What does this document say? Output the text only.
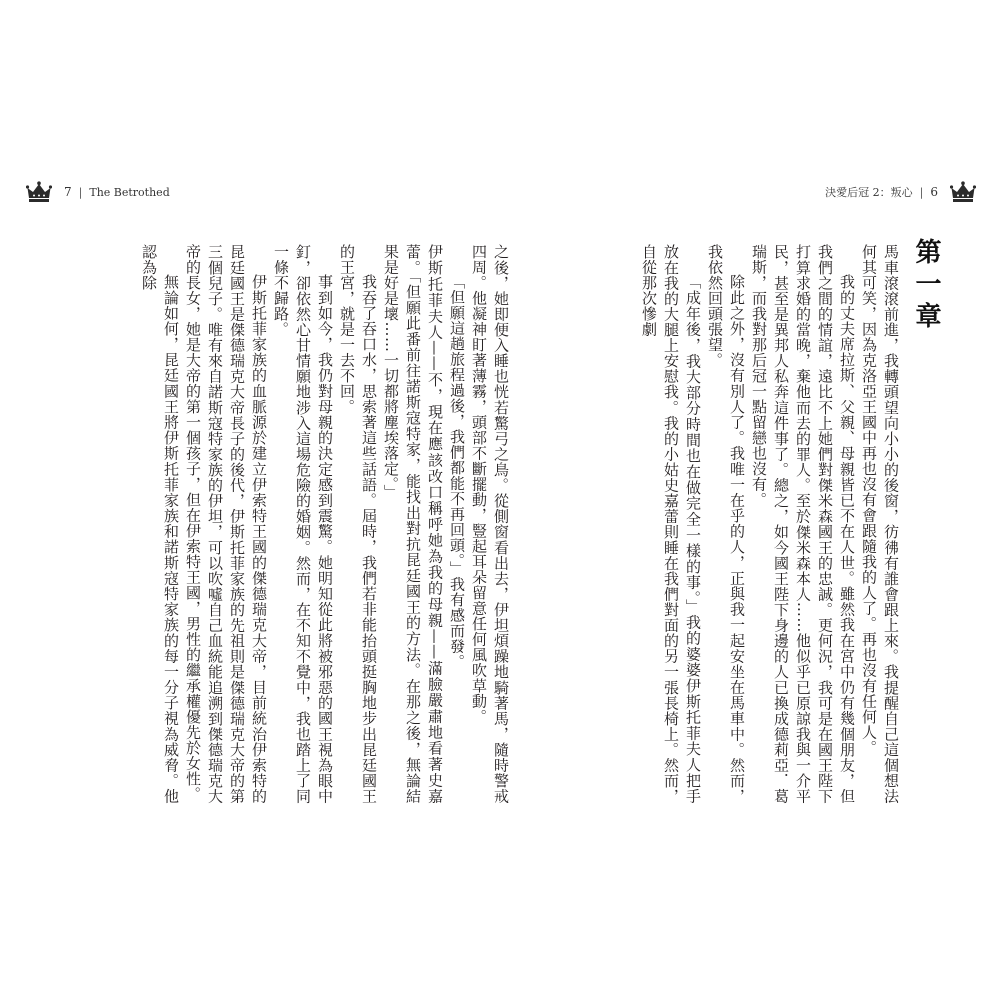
7 | The Betrothed	決愛后冠 2：叛心 | 6
第一章

馬車滾滾前進，我轉頭望向小小的後窗，彷彿有誰會跟上來。我提醒自己這個想法何其可笑，因為克洛亞王國中再也沒有會跟隨我的人了。再也沒有任何人。

我的丈夫席拉斯、父親、母親皆已不在人世。雖然我在宮中仍有幾個朋友，但我們之間的情誼，遠比不上她們對傑米森國王的忠誠。更何況，我可是在國王陛下打算求婚的當晚，棄他而去的罪人。至於傑米森本人……他似乎已原諒我與一介平民，甚至是異邦人私奔這件事了。總之，如今國王陛下身邊的人已換成德莉亞．葛瑞斯，而我對那后冠一點留戀也沒有。

除此之外，沒有別人了。我唯一在乎的人，正與我一起安坐在馬車中。然而，我依然回頭張望。

「成年後，我大部分時間也在做完全一樣的事。」我的婆婆伊斯托菲夫人把手放在我的大腿上安慰我。我的小姑史嘉蕾則睡在我們對面的另一張長椅上。然而，自從那次慘劇

之後，她即便入睡也恍若驚弓之鳥。從側窗看出去，伊坦煩躁地騎著馬，隨時警戒四周。他凝神盯著薄霧，頭部不斷擺動，豎起耳朵留意任何風吹草動。

「但願這趟旅程過後，我們都能不再回頭。」我有感而發。

伊斯托菲夫人——不，現在應該改口稱呼她為我的母親——滿臉嚴肅地看著史嘉蕾。「但願此番前往諾斯寇特家，能找出對抗昆廷國王的方法。在那之後，無論結果是好是壞……一切都將塵埃落定。」

我吞了吞口水，思索著這些話語。屆時，我們若非能抬頭挺胸地步出昆廷國王的王宮，就是一去不回。

事到如今，我仍對母親的決定感到震驚。她明知從此將被邪惡的國王視為眼中釘，卻依然心甘情願地涉入這場危險的婚姻。然而，在不知不覺中，我也踏上了同一條不歸路。

伊斯托菲家族的血脈源於建立伊索特王國的傑德瑞克大帝，目前統治伊索特的昆廷國王是傑德瑞克大帝長子的後代，伊斯托菲家族的先祖則是傑德瑞克大帝的第三個兒子。唯有來自諾斯寇特家族的伊坦，可以吹噓自己血統能追溯到傑德瑞克大帝的長女，她是大帝的第一個孩子，但在伊索特王國，男性的繼承權優先於女性。

無論如何，昆廷國王將伊斯托菲家族和諾斯寇特家族的每一分子視為威脅。他認為除
